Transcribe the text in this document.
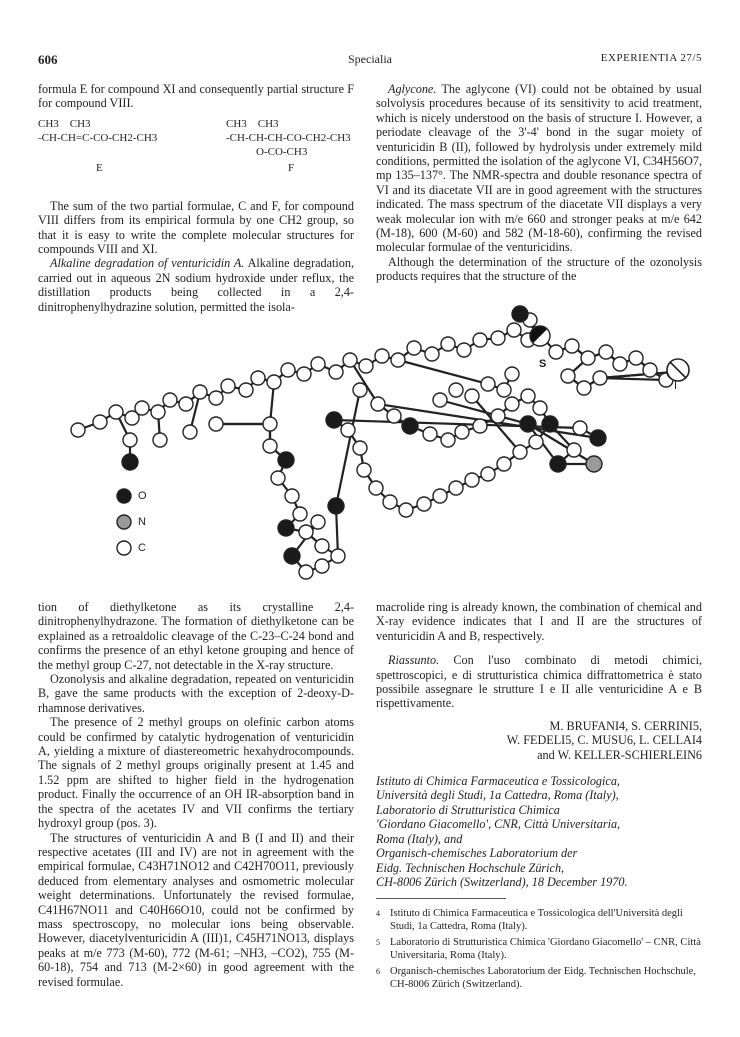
606	Specialia	EXPERIENTIA 27/5

formula E for compound XI and consequently partial structure F for compound VIII.

CH3    CH3
-CH-CH=C-CO-CH2-CH3
E
CH3    CH3
-CH-CH-CH-CO-CH2-CH3
O-CO-CH3
F

The sum of the two partial formulae, C and F, for compound VIII differs from its empirical formula by one CH2 group, so that it is easy to write the complete molecular structures for compounds VIII and XI.

Alkaline degradation of venturicidin A. Alkaline degradation, carried out in aqueous 2N sodium hydroxide under reflux, the distillation products being collected in a 2,4-dinitrophenylhydrazine solution, permitted the isola-

Aglycone. The aglycone (VI) could not be obtained by usual solvolysis procedures because of its sensitivity to acid treatment, which is nicely understood on the basis of structure I. However, a periodate cleavage of the 3'-4' bond in the sugar moiety of venturicidin B (II), followed by hydrolysis under extremely mild conditions, permitted the isolation of the aglycone VI, C34H56O7, mp 135–137°. The NMR-spectra and double resonance spectra of VI and its diacetate VII are in good agreement with the structures indicated. The mass spectrum of the diacetate VII displays a very weak molecular ion with m/e 660 and stronger peaks at m/e 642 (M-18), 600 (M-60) and 582 (M-18-60), confirming the revised molecular formulae of the venturicidins.

Although the determination of the structure of the ozonolysis products requires that the structure of the

O
N
C
S
I

tion of diethylketone as its crystalline 2,4-dinitrophenylhydrazone. The formation of diethylketone can be explained as a retroaldolic cleavage of the C-23–C-24 bond and confirms the presence of an ethyl ketone grouping and hence of the methyl group C-27, not detectable in the X-ray structure.

Ozonolysis and alkaline degradation, repeated on venturicidin B, gave the same products with the exception of 2-deoxy-D-rhamnose derivatives.

The presence of 2 methyl groups on olefinic carbon atoms could be confirmed by catalytic hydrogenation of venturicidin A, yielding a mixture of diastereometric hexahydrocompounds. The signals of 2 methyl groups originally present at 1.45 and 1.52 ppm are shifted to higher field in the hydrogenation product. Finally the occurrence of an OH IR-absorption band in the spectra of the acetates IV and VII confirms the tertiary hydroxyl group (pos. 3).

The structures of venturicidin A and B (I and II) and their respective acetates (III and IV) are not in agreement with the empirical formulae, C43H71NO12 and C42H70O11, previously deduced from elementary analyses and osmometric molecular weight determinations. Unfortunately the revised formulae, C41H67NO11 and C40H66O10, could not be confirmed by mass spectroscopy, no molecular ions being observable. However, diacetylventuricidin A (III)1, C45H71NO13, displays peaks at m/e 773 (M-60), 772 (M-61; –NH3, –CO2), 755 (M-60-18), 754 and 713 (M-2×60) in good agreement with the revised formulae.

macrolide ring is already known, the combination of chemical and X-ray evidence indicates that I and II are the structures of venturicidin A and B, respectively.

Riassunto. Con l'uso combinato di metodi chimici, spettroscopici, e di strutturistica chimica diffrattometrica è stato possibile assegnare le strutture I e II alle venturicidine A e B rispettivamente.

M. BRUFANI4, S. CERRINI5,
W. FEDELI5, C. MUSU6, L. CELLAI4
and W. KELLER-SCHIERLEIN6
Istituto di Chimica Farmaceutica e Tossicologica,
Università degli Studi, 1a Cattedra, Roma (Italy),
Laboratorio di Strutturistica Chimica
'Giordano Giacomello', CNR, Città Universitaria,
Roma (Italy), and
Organisch-chemisches Laboratorium der
Eidg. Technischen Hochschule Zürich,
CH-8006 Zürich (Switzerland), 18 December 1970.
4 Istituto di Chimica Farmaceutica e Tossicologica dell'Università degli Studi, 1a Cattedra, Roma (Italy).
5 Laboratorio di Strutturistica Chimica 'Giordano Giacomello' – CNR, Città Universitaria, Roma (Italy).
6 Organisch-chemisches Laboratorium der Eidg. Technischen Hochschule, CH-8006 Zürich (Switzerland).
